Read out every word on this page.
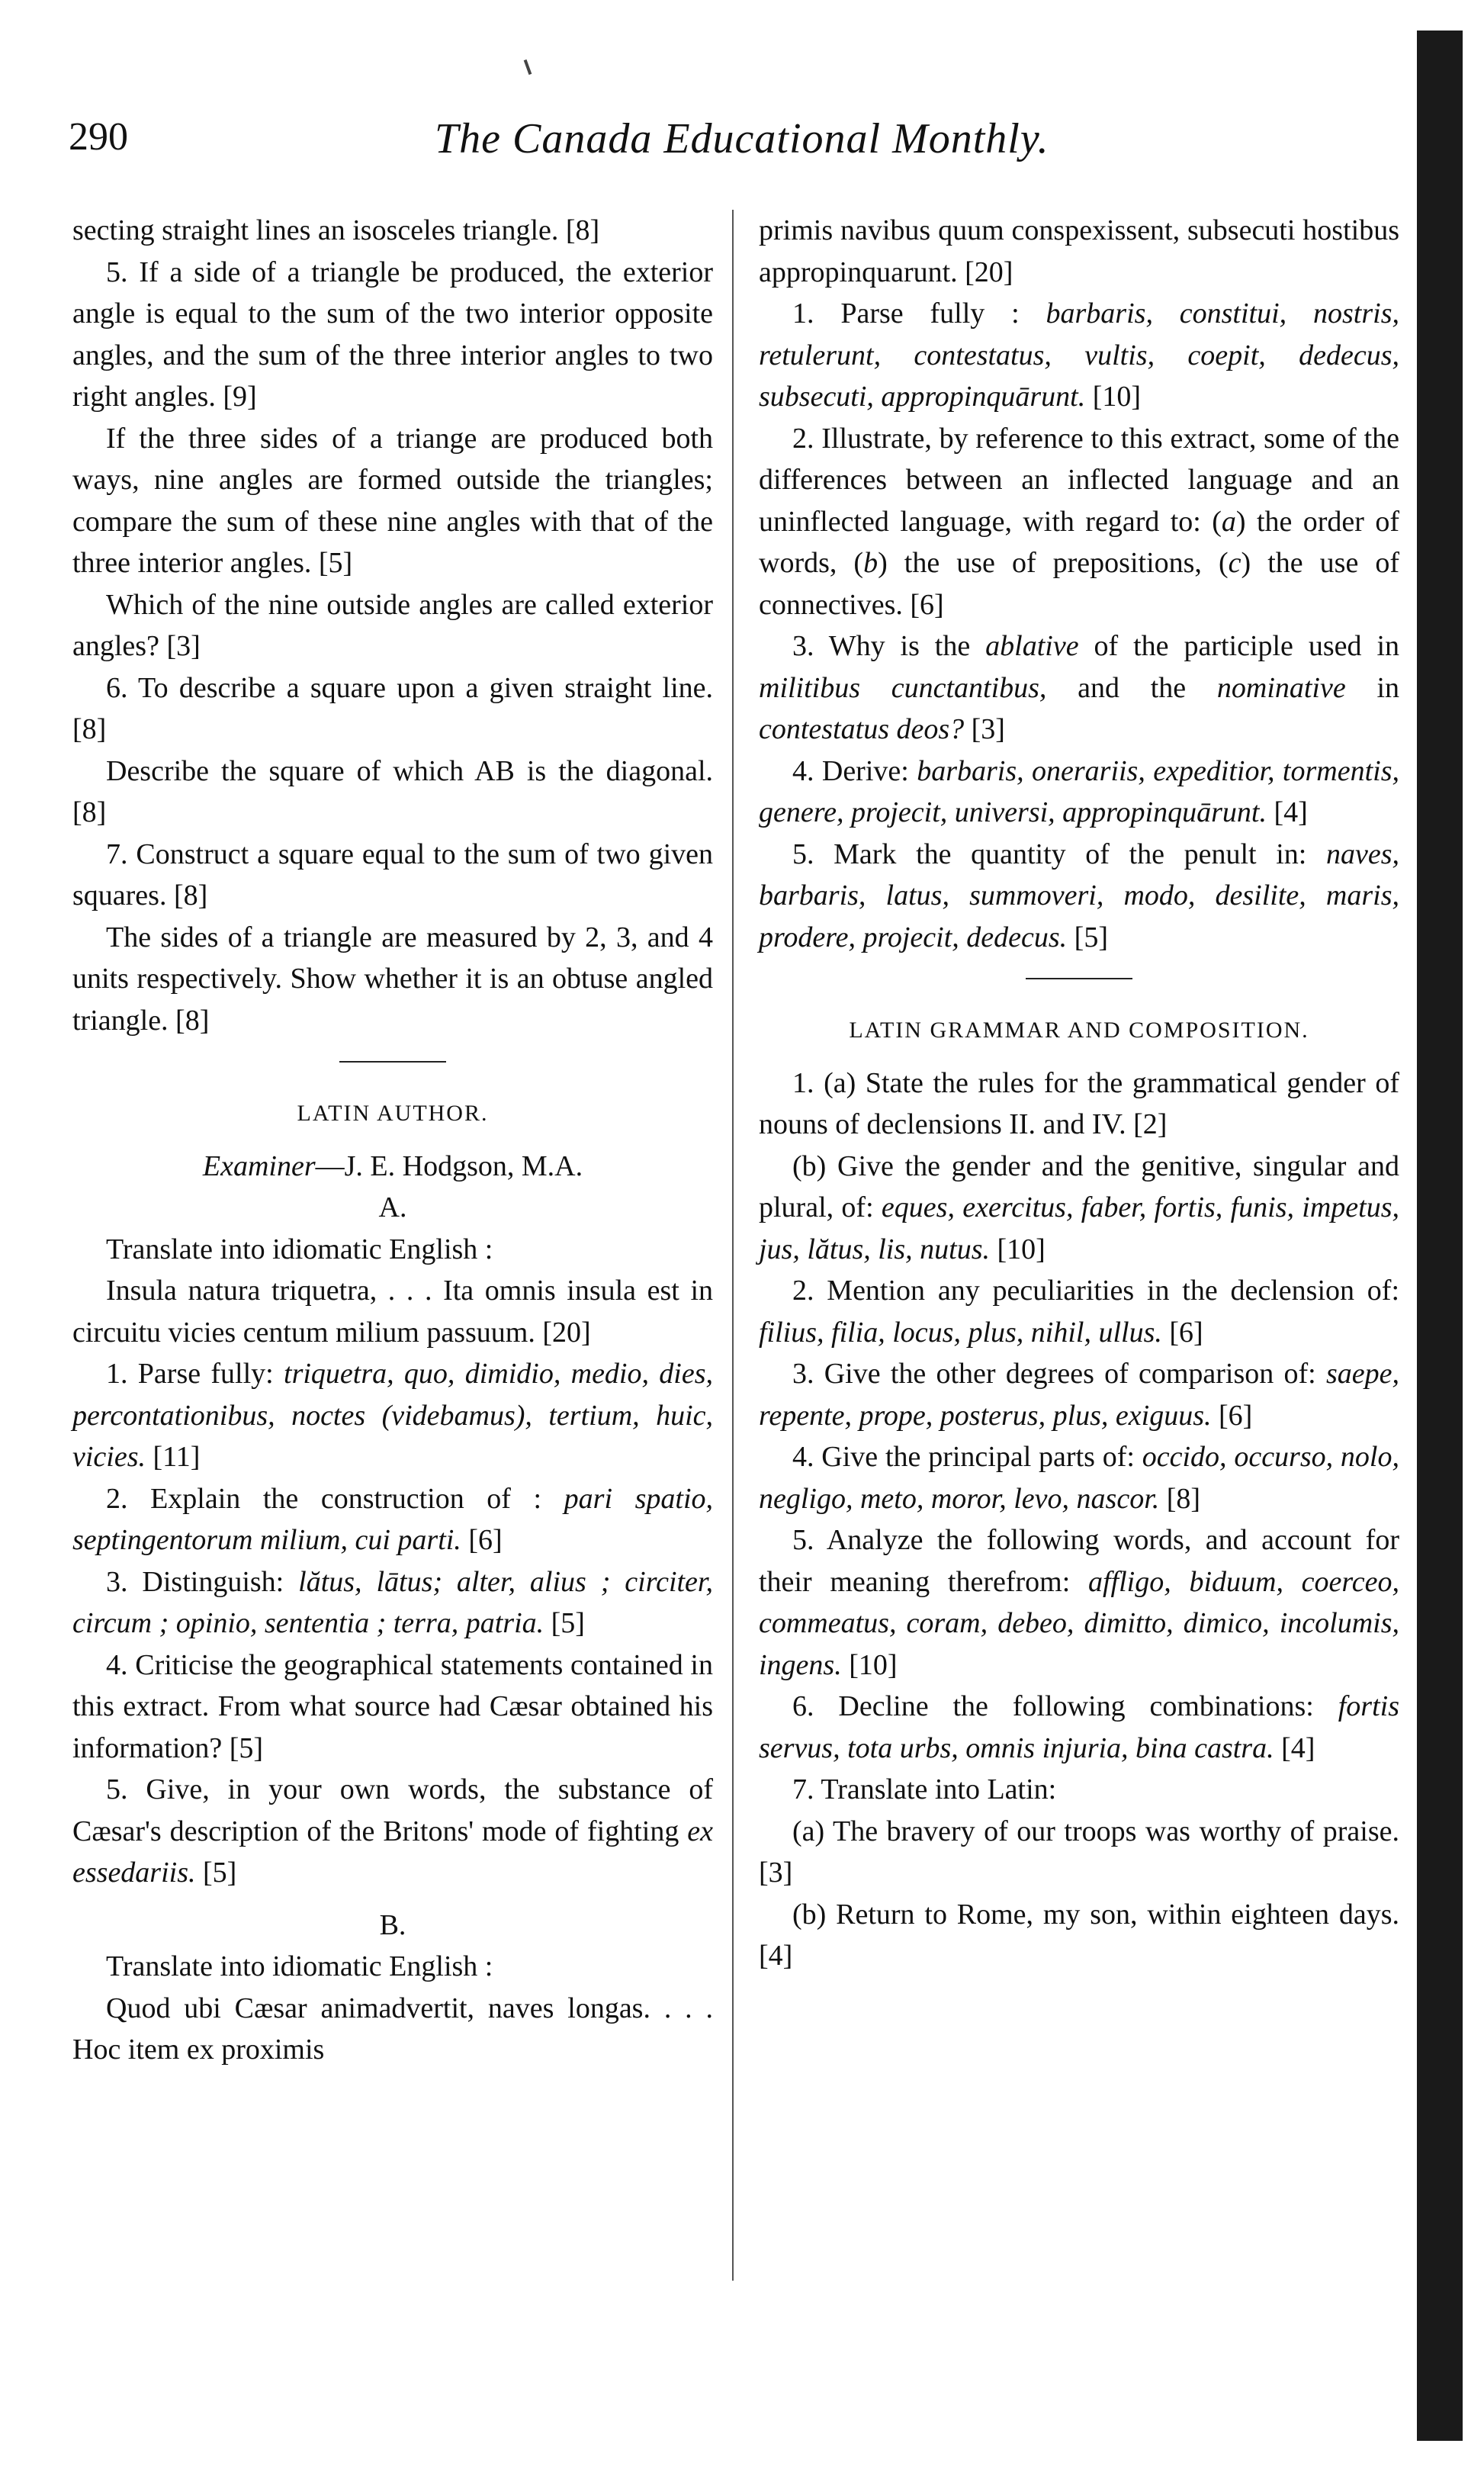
290	The Canada Educational Monthly.

secting straight lines an isosceles triangle. [8]

5. If a side of a triangle be produced, the exterior angle is equal to the sum of the two interior opposite angles, and the sum of the three interior angles to two right angles. [9]

If the three sides of a triange are produced both ways, nine angles are formed outside the triangles; compare the sum of these nine angles with that of the three interior angles. [5]

Which of the nine outside angles are called exterior angles? [3]

6. To describe a square upon a given straight line. [8]

Describe the square of which AB is the diagonal. [8]

7. Construct a square equal to the sum of two given squares. [8]

The sides of a triangle are measured by 2, 3, and 4 units respectively. Show whether it is an obtuse angled triangle. [8]

LATIN AUTHOR.

Examiner—J. E. Hodgson, M.A.

A.

Translate into idiomatic English :

Insula natura triquetra, . . . Ita omnis insula est in circuitu vicies centum milium passuum. [20]

1. Parse fully: triquetra, quo, dimidio, medio, dies, percontationibus, noctes (videbamus), tertium, huic, vicies. [11]

2. Explain the construction of : pari spatio, septingentorum milium, cui parti. [6]

3. Distinguish: lătus, lātus; alter, alius ; circiter, circum ; opinio, sententia ; terra, patria. [5]

4. Criticise the geographical statements contained in this extract. From what source had Cæsar obtained his information? [5]

5. Give, in your own words, the substance of Cæsar's description of the Britons' mode of fighting ex essedariis. [5]

B.

Translate into idiomatic English :

Quod ubi Cæsar animadvertit, naves longas. . . . Hoc item ex proximis

primis navibus quum conspexissent, subsecuti hostibus appropinquarunt. [20]

1. Parse fully : barbaris, constitui, nostris, retulerunt, contestatus, vultis, coepit, dedecus, subsecuti, appropinquārunt. [10]

2. Illustrate, by reference to this extract, some of the differences between an inflected language and an uninflected language, with regard to: (a) the order of words, (b) the use of prepositions, (c) the use of connectives. [6]

3. Why is the ablative of the participle used in militibus cunctantibus, and the nominative in contestatus deos? [3]

4. Derive: barbaris, onerariis, expeditior, tormentis, genere, projecit, universi, appropinquārunt. [4]

5. Mark the quantity of the penult in: naves, barbaris, latus, summoveri, modo, desilite, maris, prodere, projecit, dedecus. [5]

LATIN GRAMMAR AND COMPOSITION.

1. (a) State the rules for the grammatical gender of nouns of declensions II. and IV. [2]

(b) Give the gender and the genitive, singular and plural, of: eques, exercitus, faber, fortis, funis, impetus, jus, lătus, lis, nutus. [10]

2. Mention any peculiarities in the declension of: filius, filia, locus, plus, nihil, ullus. [6]

3. Give the other degrees of comparison of: saepe, repente, prope, posterus, plus, exiguus. [6]

4. Give the principal parts of: occido, occurso, nolo, negligo, meto, moror, levo, nascor. [8]

5. Analyze the following words, and account for their meaning therefrom: affligo, biduum, coerceo, commeatus, coram, debeo, dimitto, dimico, incolumis, ingens. [10]

6. Decline the following combinations: fortis servus, tota urbs, omnis injuria, bina castra. [4]

7. Translate into Latin:

(a) The bravery of our troops was worthy of praise. [3]

(b) Return to Rome, my son, within eighteen days. [4]
